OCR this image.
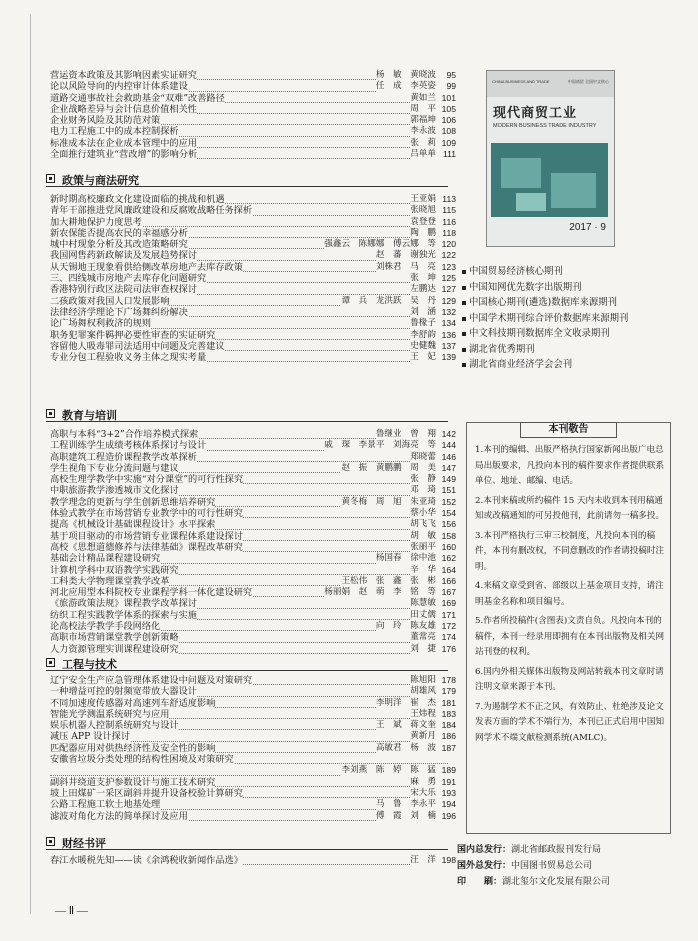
营运资本政策及其影响因素实证研究	杨　敏　黄晓波	95
论以风险导向的内控审计体系建设	任　成　李英姿	99
道路交通事故社会救助基金“双难”改善路径	黄如兰 101
企业战略差异与会计信息价值相关性	周　平 105
企业财务风险及其防范对策	郭福坤 106
电力工程施工中的成本控制探析	李永波 108
标准成本法在企业成本管理中的应用	张　莉 109
全面推行建筑业“营改增”的影响分析	吕单单 111
政策与商法研究
新时期高校廉政文化建设面临的挑战和机遇	王亚娟 113
青年干部推进党风廉政建设和反腐败战略任务探析	张晓旭 115
加大耕地保护力度思考	袁登登 116
新农保能否提高农民的幸福感分析	陶　鹏 118
城中村现象分析及其改造策略研究	强鑫云　陈娜娜　傅云娜　等 120
我国网售药新政解读及发展趋势探讨	赵　蕃　谢独光 122
从天锡地王现象看供给侧改革房地产去库存政策	刘株君　马　亮 123
三、四线城市房地产去库存化问题研究	张　坤 125
香港特别行政区法院司法审查权探讨	左鹏达 127
二孩政策对我国人口发展影响	谭　兵　龙洪跃　吴　丹 129
法律经济学理论下广场舞纠纷解决	刘　涵 132
论广场舞权利救济的规则	鲁椽子 134
职务犯罪案件羁押必要性审查的实证研究	李舒韵 136
容留他人吸毒罪司法适用中问题及完善建议	史健魏 137
专业分包工程验收义务主体之现实考量	王　妃 139
教育与培训
高职与本科“3+2”合作培养模式探索	鲁继业　曾　翔 142
工程训练学生成绩考核体系探讨与设计	戚　琛　李景平　刘海亮　等 144
高职建筑工程造价课程教学改革探析	郑晓蕾 146
学生视角下专业分流问题与建议	赵　振　黄鹏鹏　周　美 147
高校生理学教学中实施“对分课堂”的可行性探究	张　静 149
中职旅游教学渗透城市文化探讨	邓　琦 151
教学理念的更新与学生创新思维培养研究	黄冬梅　周　旭　朱亚琦 152
体验式教学在市场营销专业教学中的可行性研究	蔡小华 154
提高《机械设计基础课程设计》水平探索	胡飞飞 156
基于项目驱动的市场营销专业课程体系建设探讨	胡　敏 158
高校《思想道德修养与法律基础》课程改革研究	张丽平 160
基础会计精品课程建设研究	杨国春　徐中池 162
计算机学科中双语教学实践研究	辛　华 164
工科类大学物理课堂教学改革	王松伟　张　鑫　张　彬 166
河北应用型本科院校专业课程学科一体化建设研究	杨丽娟　赵　萌　李　铭　等 167
《旅游政策法规》课程教学改革探讨	陈慧敏 169
纺织工程实践教学体系的探索与实施	田丈儒 171
论高校法学教学手段网络化	向　玲　陈友雄 172
高职市场营销课堂教学创新策略	董常亮 174
人力资源管理实训课程建设研究	刘　捷 176
工程与技术
辽宁安全生产应急管理体系建设中问题及对策研究	陈旭阳 178
一种增益可控的射频宽带放大器设计	胡雄风 179
不同加速度传感器对高速列车舒适度影响	李明洋　崔　杰 181
智能光学测温系统研究与应用	王炜程 183
娱乐机器人控制系统研究与设计	王　斌　蒋文奎 184
减压 APP 设计探讨	黄新月 186
匹配器应用对供热经济性及安全性的影响	高敏君　杨　波 187
安徽省垃圾分类处理的结构性困境及对策研究
李刘燕　陈　婷　陈　猛 189
副斜井绕道支护参数设计与施工技术研究	麻　勇 191
坡上田煤矿一采区副斜井提升设备校验计算研究	宋大乐 193
公路工程施工软土地基处理	马　鲁　李永平 194
滤波对角化方法的简单探讨及应用	傅　霞　刘　楠 196
财经书评
春江水暖税先知——读《余鸿税收新闻作品选》	汪　洋 198
CHINA BUSINESS AND TRADE	中国商贸 全国中文核心
现代商贸工业
MODERN BUSINESS TRADE INDUSTRY
2017 · 9
中国贸易经济核心期刊
中国知网优先数字出版期刊
中国核心期刊(遴选)数据库来源期刊
中国学术期刊综合评价数据库来源期刊
中文科技期刊数据库全文收录期刊
湖北省优秀期刊
湖北省商业经济学会会刊
本刊敬告

1.本刊的编辑、出版严格执行国家新闻出版广电总局出版要求，凡投向本刊的稿件要求作者提供联系单位、地址、邮编、电话。

2.本刊来稿或所约稿件 15 天内未收到本刊用稿通知或改稿通知的可另投他刊，此前请勿一稿多投。

3.本刊严格执行三审三校制度，凡投向本刊的稿件，本刊有删改权，不同意删改的作者请投稿时注明。

4.来稿文章受到省、部级以上基金项目支持，请注明基金名称和项目编号。

5.作者所投稿件(含图表)文责自负。凡投向本刊的稿件，本刊一经录用即拥有在本刊出版物及相关网站刊登的权利。

6.国内外相关媒体出版物及网站转载本刊文章时请注明文章来源于本刊。

7.为遏制学术不正之风，有效防止、杜绝涉及论文发表方面的学术不端行为，本刊已正式启用中国知网学术不端文献检测系统(AMLC)。

国内总发行：湖北省邮政报刊发行局
国外总发行：中国图书贸易总公司
印　　刷：湖北玺尔文化发展有限公司
— Ⅱ —
